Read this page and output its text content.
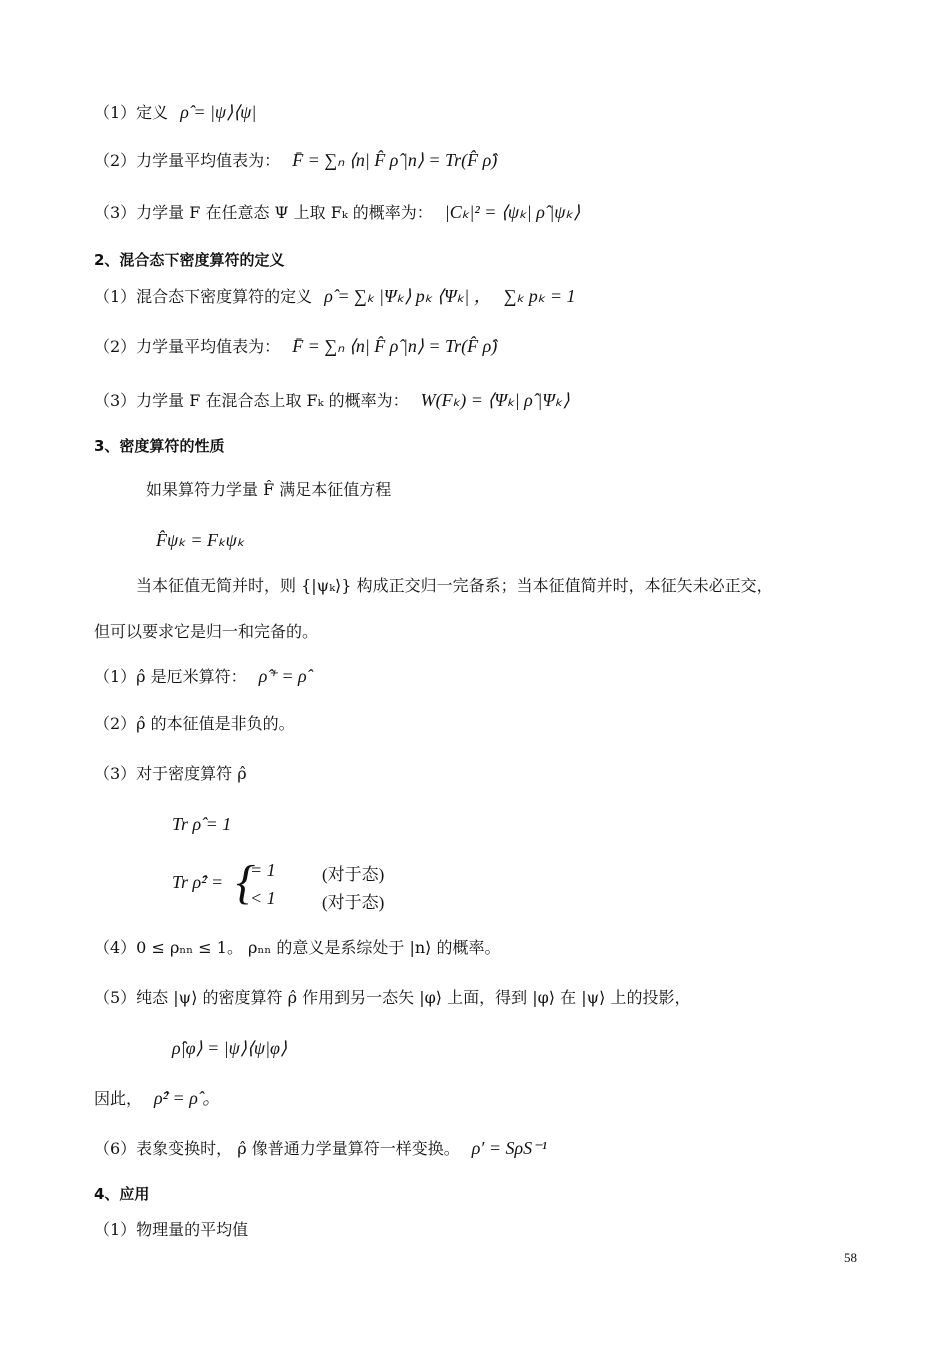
（1）定义 ρ̂ = |ψ⟩⟨ψ|
（2）力学量平均值表为： F̄ = ∑ₙ ⟨n| F̂ ρ̂ |n⟩ = Tr(F̂ ρ̂)
（3）力学量 F 在任意态 Ψ 上取 Fₖ 的概率为： |Cₖ|² = ⟨ψₖ| ρ̂ |ψₖ⟩
2、混合态下密度算符的定义
（1）混合态下密度算符的定义 ρ̂ = ∑ₖ |Ψₖ⟩ pₖ ⟨Ψₖ| ， ∑ₖ pₖ = 1
（2）力学量平均值表为： F̄ = ∑ₙ ⟨n| F̂ ρ̂ |n⟩ = Tr(F̂ ρ̂)
（3）力学量 F 在混合态上取 Fₖ 的概率为： W(Fₖ) = ⟨Ψₖ| ρ̂ |Ψₖ⟩
3、密度算符的性质
如果算符力学量 F̂ 满足本征值方程
F̂ψₖ = Fₖψₖ
当本征值无简并时，则 {|ψₖ⟩} 构成正交归一完备系；当本征值简并时，本征矢未必正交，
但可以要求它是归一和完备的。
（1）ρ̂ 是厄米算符： ρ̂⁺ = ρ̂
（2）ρ̂ 的本征值是非负的。
（3）对于密度算符 ρ̂
Tr ρ̂ = 1
Tr ρ̂² = {
= 1
< 1
(对于态)
(对于态)
（4）0 ≤ ρₙₙ ≤ 1。 ρₙₙ 的意义是系综处于 |n⟩ 的概率。
（5）纯态 |ψ⟩ 的密度算符 ρ̂ 作用到另一态矢 |φ⟩ 上面，得到 |φ⟩ 在 |ψ⟩ 上的投影，
ρ̂|φ⟩ = |ψ⟩⟨ψ|φ⟩
因此， ρ̂² = ρ̂ 。
（6）表象变换时， ρ̂ 像普通力学量算符一样变换。 ρ′ = SρS⁻¹
4、应用
（1）物理量的平均值
58
